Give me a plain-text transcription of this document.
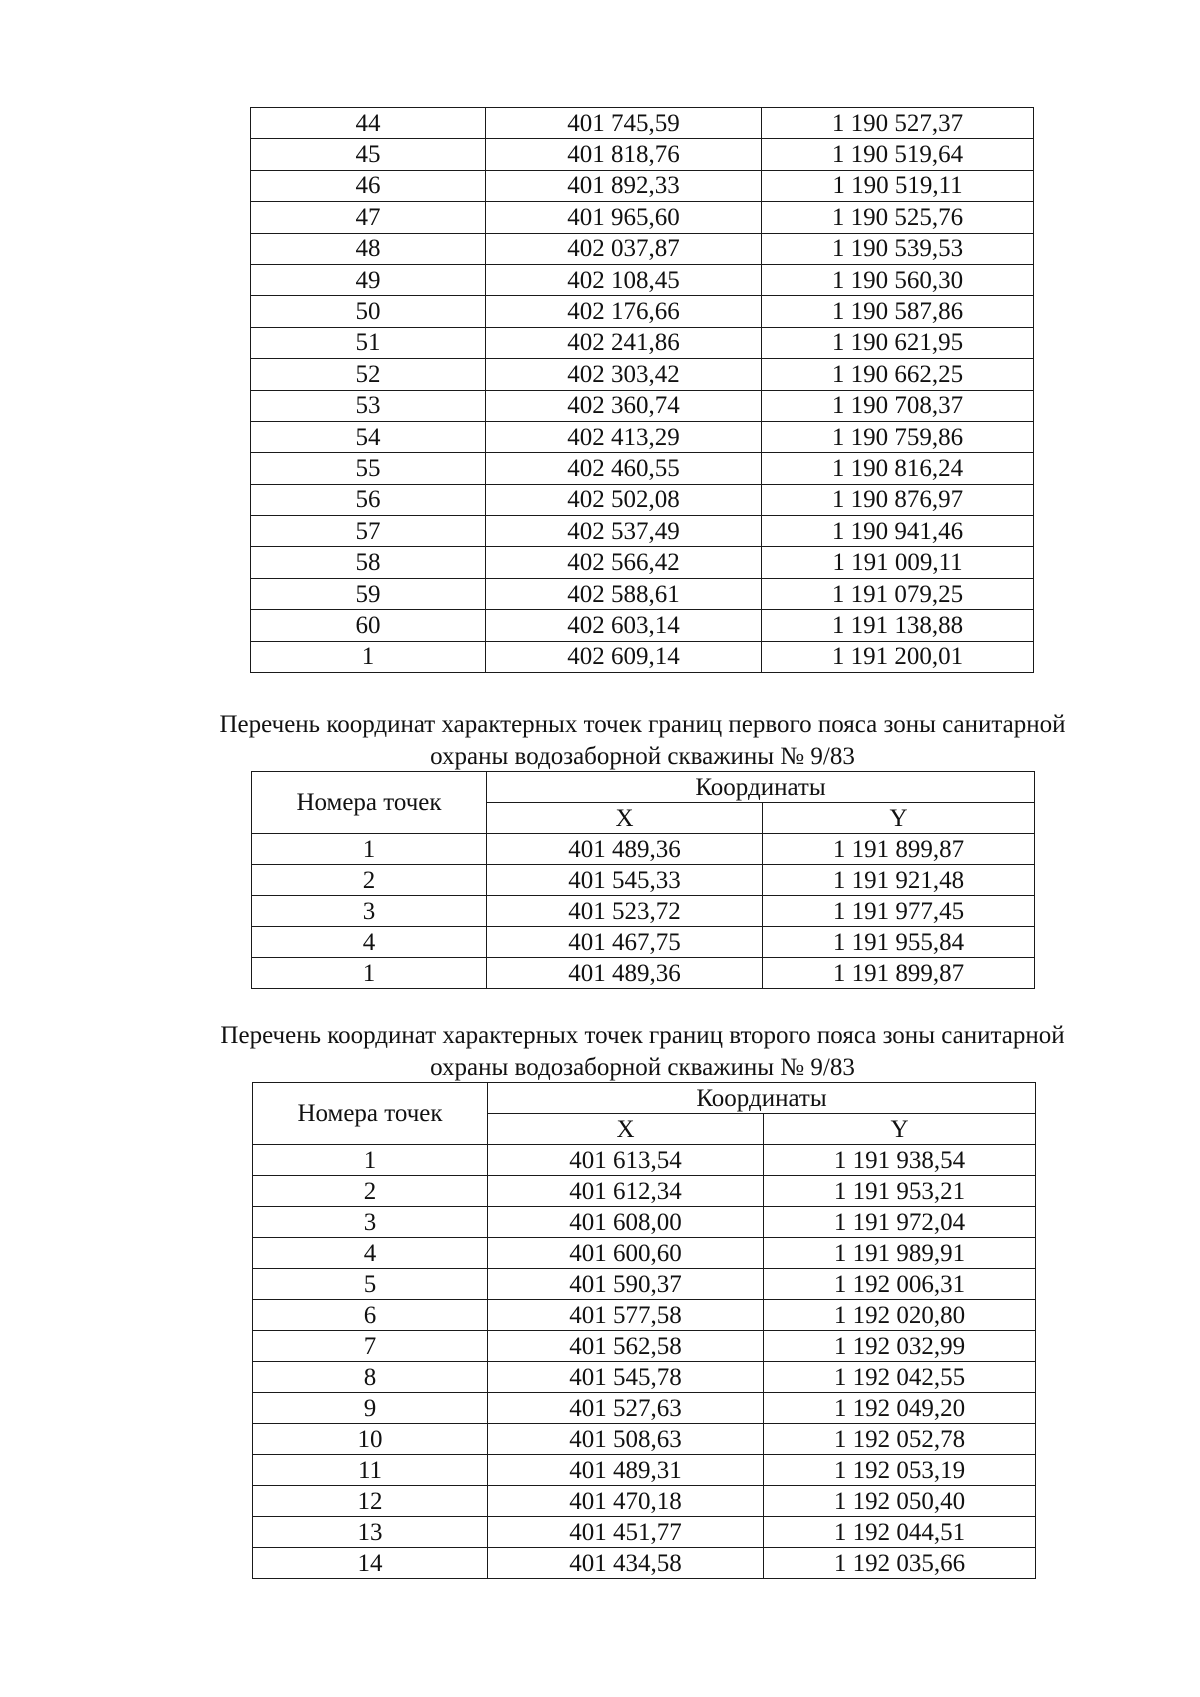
44	401 745,59	1 190 527,37
45	401 818,76	1 190 519,64
46	401 892,33	1 190 519,11
47	401 965,60	1 190 525,76
48	402 037,87	1 190 539,53
49	402 108,45	1 190 560,30
50	402 176,66	1 190 587,86
51	402 241,86	1 190 621,95
52	402 303,42	1 190 662,25
53	402 360,74	1 190 708,37
54	402 413,29	1 190 759,86
55	402 460,55	1 190 816,24
56	402 502,08	1 190 876,97
57	402 537,49	1 190 941,46
58	402 566,42	1 191 009,11
59	402 588,61	1 191 079,25
60	402 603,14	1 191 138,88
1	402 609,14	1 191 200,01

Перечень координат характерных точек границ первого пояса зоны санитарной
охраны водозаборной скважины № 9/83

Номера точек	Координаты	
	X	Y
1	401 489,36	1 191 899,87
2	401 545,33	1 191 921,48
3	401 523,72	1 191 977,45
4	401 467,75	1 191 955,84
1	401 489,36	1 191 899,87

Перечень координат характерных точек границ второго пояса зоны санитарной
охраны водозаборной скважины № 9/83

Номера точек	Координаты	
	X	Y
1	401 613,54	1 191 938,54
2	401 612,34	1 191 953,21
3	401 608,00	1 191 972,04
4	401 600,60	1 191 989,91
5	401 590,37	1 192 006,31
6	401 577,58	1 192 020,80
7	401 562,58	1 192 032,99
8	401 545,78	1 192 042,55
9	401 527,63	1 192 049,20
10	401 508,63	1 192 052,78
11	401 489,31	1 192 053,19
12	401 470,18	1 192 050,40
13	401 451,77	1 192 044,51
14	401 434,58	1 192 035,66
